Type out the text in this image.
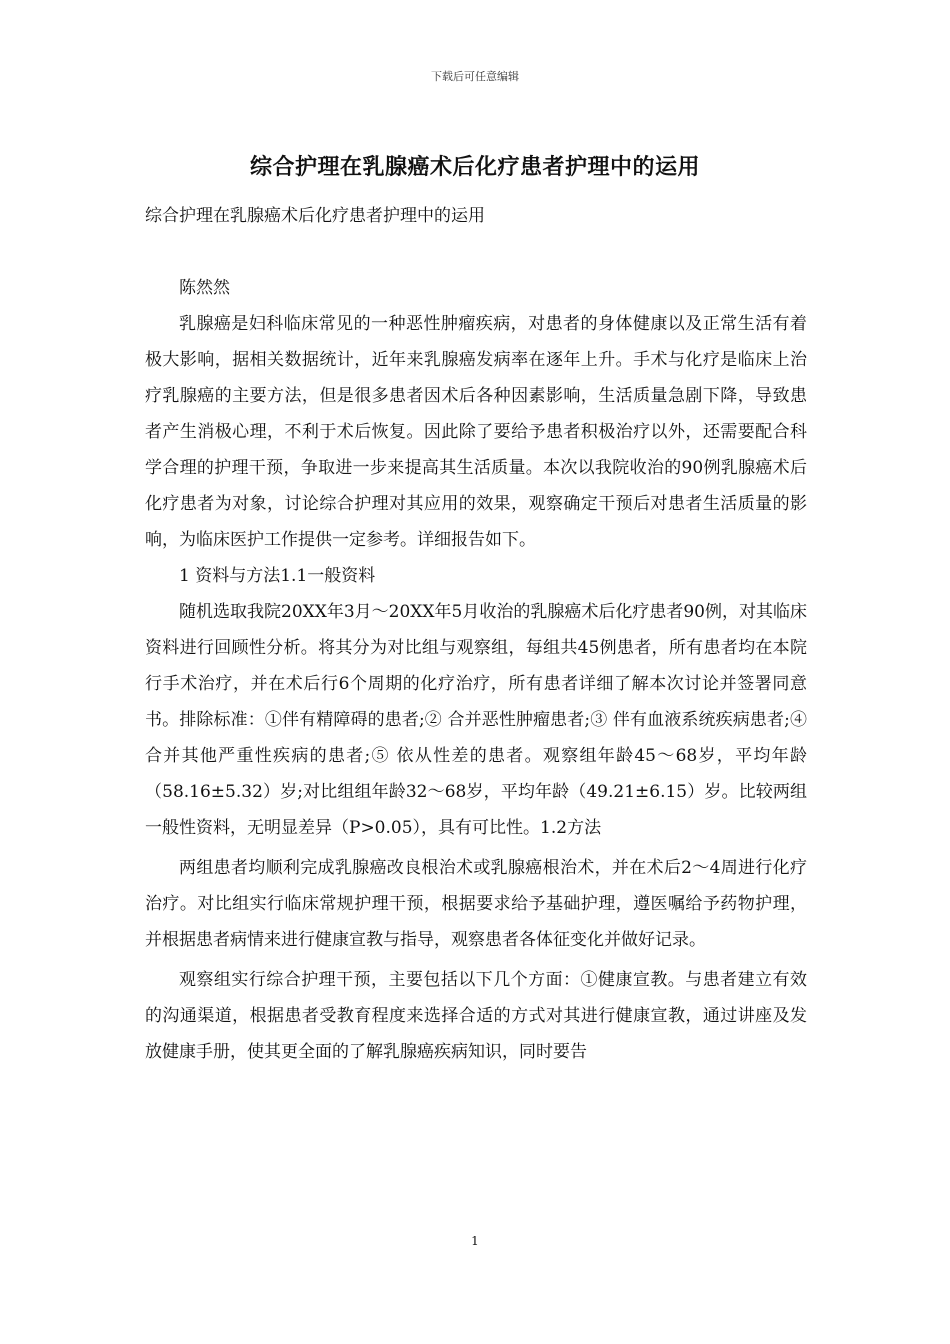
下载后可任意编辑
综合护理在乳腺癌术后化疗患者护理中的运用
综合护理在乳腺癌术后化疗患者护理中的运用

陈然然

乳腺癌是妇科临床常见的一种恶性肿瘤疾病，对患者的身体健康以及正常生活有着极大影响，据相关数据统计，近年来乳腺癌发病率在逐年上升。手术与化疗是临床上治疗乳腺癌的主要方法，但是很多患者因术后各种因素影响，生活质量急剧下降，导致患者产生消极心理，不利于术后恢复。因此除了要给予患者积极治疗以外，还需要配合科学合理的护理干预，争取进一步来提高其生活质量。本次以我院收治的90例乳腺癌术后化疗患者为对象，讨论综合护理对其应用的效果，观察确定干预后对患者生活质量的影响，为临床医护工作提供一定参考。详细报告如下。

1 资料与方法1.1一般资料

随机选取我院20XX年3月～20XX年5月收治的乳腺癌术后化疗患者90例，对其临床资料进行回顾性分析。将其分为对比组与观察组，每组共45例患者，所有患者均在本院行手术治疗，并在术后行6个周期的化疗治疗，所有患者详细了解本次讨论并签署同意书。排除标准：①伴有精障碍的患者;② 合并恶性肿瘤患者;③ 伴有血液系统疾病患者;④ 合并其他严重性疾病的患者;⑤ 依从性差的患者。观察组年龄45～68岁，平均年龄（58.16±5.32）岁;对比组组年龄32～68岁，平均年龄（49.21±6.15）岁。比较两组一般性资料，无明显差异（P>0.05），具有可比性。1.2方法

两组患者均顺利完成乳腺癌改良根治术或乳腺癌根治术，并在术后2～4周进行化疗治疗。对比组实行临床常规护理干预，根据要求给予基础护理，遵医嘱给予药物护理，并根据患者病情来进行健康宣教与指导，观察患者各体征变化并做好记录。

观察组实行综合护理干预，主要包括以下几个方面：①健康宣教。与患者建立有效的沟通渠道，根据患者受教育程度来选择合适的方式对其进行健康宣教，通过讲座及发放健康手册，使其更全面的了解乳腺癌疾病知识，同时要告

1
